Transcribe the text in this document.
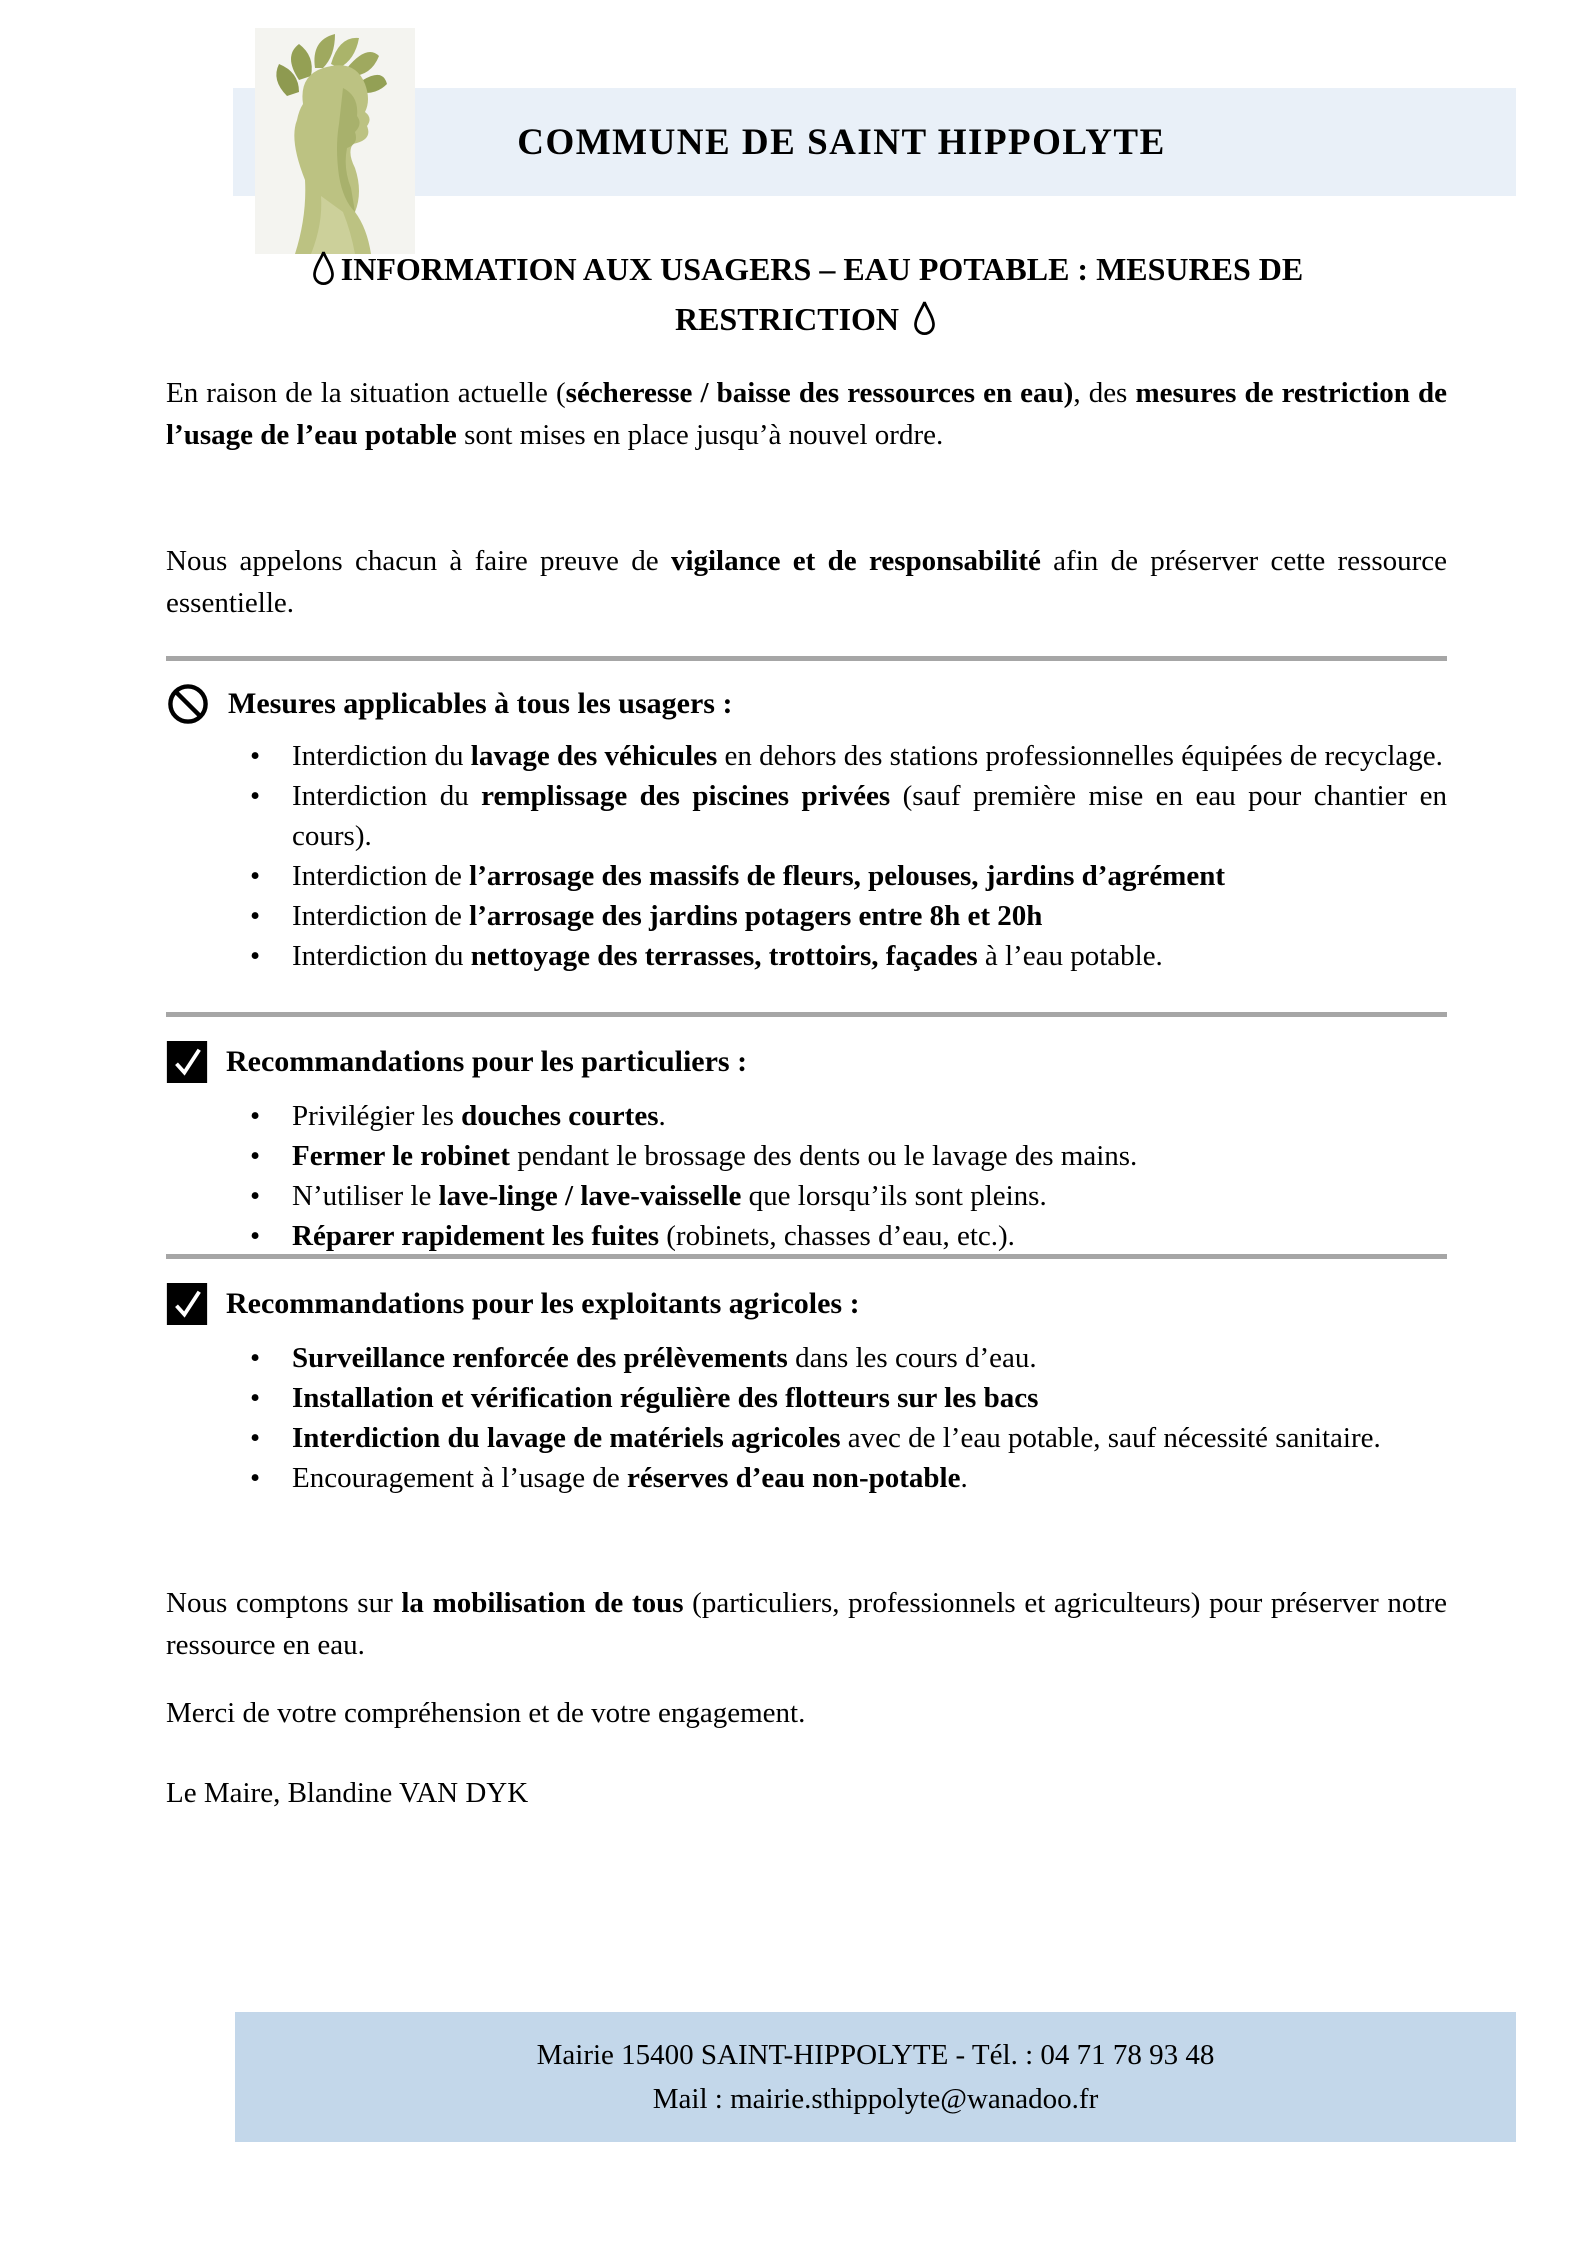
COMMUNE DE SAINT HIPPOLYTE
INFORMATION AUX USAGERS – EAU POTABLE : MESURES DE
RESTRICTION

En raison de la situation actuelle (sécheresse / baisse des ressources en eau), des mesures de restriction de l’usage de l’eau potable sont mises en place jusqu’à nouvel ordre.

Nous appelons chacun à faire preuve de vigilance et de responsabilité afin de préserver cette ressource essentielle.

Mesures applicables à tous les usagers :
• Interdiction du lavage des véhicules en dehors des stations professionnelles équipées de recyclage.
• Interdiction du remplissage des piscines privées (sauf première mise en eau pour chantier en cours).
• Interdiction de l’arrosage des massifs de fleurs, pelouses, jardins d’agrément
• Interdiction de l’arrosage des jardins potagers entre 8h et 20h
• Interdiction du nettoyage des terrasses, trottoirs, façades à l’eau potable.
Recommandations pour les particuliers :
• Privilégier les douches courtes.
• Fermer le robinet pendant le brossage des dents ou le lavage des mains.
• N’utiliser le lave-linge / lave-vaisselle que lorsqu’ils sont pleins.
• Réparer rapidement les fuites (robinets, chasses d’eau, etc.).
Recommandations pour les exploitants agricoles :
• Surveillance renforcée des prélèvements dans les cours d’eau.
• Installation et vérification régulière des flotteurs sur les bacs
• Interdiction du lavage de matériels agricoles avec de l’eau potable, sauf nécessité sanitaire.
• Encouragement à l’usage de réserves d’eau non-potable.

Nous comptons sur la mobilisation de tous (particuliers, professionnels et agriculteurs) pour préserver notre ressource en eau.

Merci de votre compréhension et de votre engagement.

Le Maire, Blandine VAN DYK

Mairie 15400 SAINT-HIPPOLYTE - Tél. : 04 71 78 93 48
Mail : mairie.sthippolyte@wanadoo.fr
